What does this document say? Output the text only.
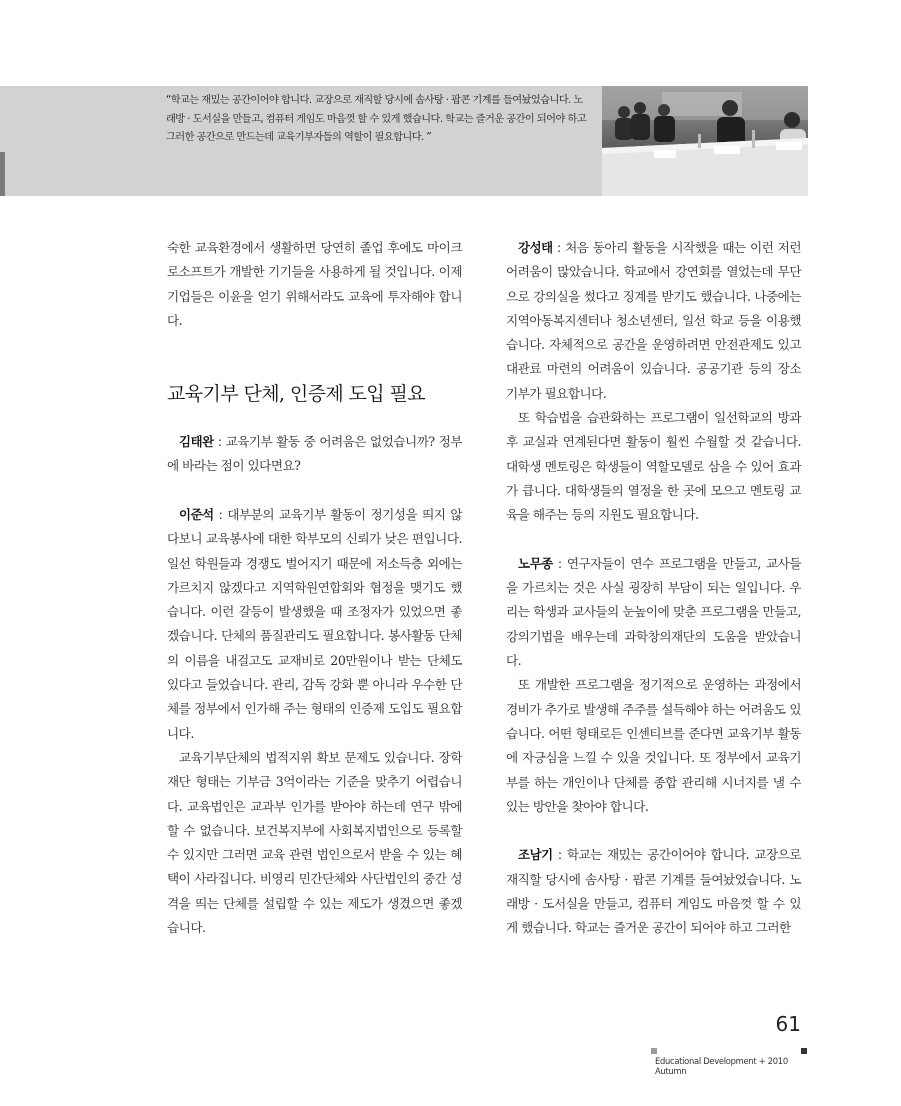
“학교는 재밌는 공간이어야 합니다. 교장으로 재직할 당시에 솜사탕 · 팝콘 기계를 들여놨었습니다. 노래방 · 도서실을 만들고, 컴퓨터 게임도 마음껏 할 수 있게 했습니다. 학교는 즐거운 공간이 되어야 하고 그러한 공간으로 만드는데 교육기부자들의 역할이 필요합니다. ”

숙한 교육환경에서 생활하면 당연히 졸업 후에도 마이크로소프트가 개발한 기기들을 사용하게 될 것입니다. 이제 기업들은 이윤을 얻기 위해서라도 교육에 투자해야 합니다.

교육기부 단체, 인증제 도입 필요

김태완 : 교육기부 활동 중 어려움은 없었습니까? 정부에 바라는 점이 있다면요?

이준석 : 대부분의 교육기부 활동이 정기성을 띄지 않다보니 교육봉사에 대한 학부모의 신뢰가 낮은 편입니다. 일선 학원들과 경쟁도 벌어지기 때문에 저소득층 외에는 가르치지 않겠다고 지역학원연합회와 협정을 맺기도 했습니다. 이런 갈등이 발생했을 때 조정자가 있었으면 좋겠습니다. 단체의 품질관리도 필요합니다. 봉사활동 단체의 이름을 내걸고도 교재비로 20만원이나 받는 단체도 있다고 들었습니다. 관리, 감독 강화 뿐 아니라 우수한 단체를 정부에서 인가해 주는 형태의 인증제 도입도 필요합니다.

교육기부단체의 법적지위 확보 문제도 있습니다. 장학재단 형태는 기부금 3억이라는 기준을 맞추기 어렵습니다. 교육법인은 교과부 인가를 받아야 하는데 연구 밖에 할 수 없습니다. 보건복지부에 사회복지법인으로 등록할 수 있지만 그러면 교육 관련 법인으로서 받을 수 있는 혜택이 사라집니다. 비영리 민간단체와 사단법인의 중간 성격을 띄는 단체를 설립할 수 있는 제도가 생겼으면 좋겠습니다.

강성태 : 처음 동아리 활동을 시작했을 때는 이런 저런 어려움이 많았습니다. 학교에서 강연회를 열었는데 무단으로 강의실을 썼다고 징계를 받기도 했습니다. 나중에는 지역아동복지센터나 청소년센터, 일선 학교 등을 이용했습니다. 자체적으로 공간을 운영하려면 안전관제도 있고 대관료 마련의 어려움이 있습니다. 공공기관 등의 장소 기부가 필요합니다.

또 학습법을 습관화하는 프로그램이 일선학교의 방과후 교실과 연계된다면 활동이 훨씬 수월할 것 같습니다. 대학생 멘토링은 학생들이 역할모델로 삼을 수 있어 효과가 큽니다. 대학생들의 열정을 한 곳에 모으고 멘토링 교육을 해주는 등의 지원도 필요합니다.

노무종 : 연구자들이 연수 프로그램을 만들고, 교사들을 가르치는 것은 사실 굉장히 부담이 되는 일입니다. 우리는 학생과 교사들의 눈높이에 맞춘 프로그램을 만들고, 강의기법을 배우는데 과학창의재단의 도움을 받았습니다.

또 개발한 프로그램을 정기적으로 운영하는 과정에서 경비가 추가로 발생해 주주를 설득해야 하는 어려움도 있습니다. 어떤 형태로든 인센티브를 준다면 교육기부 활동에 자긍심을 느낄 수 있을 것입니다. 또 정부에서 교육기부를 하는 개인이나 단체를 종합 관리해 시너지를 낼 수 있는 방안을 찾아야 합니다.

조남기 : 학교는 재밌는 공간이어야 합니다. 교장으로 재직할 당시에 솜사탕 · 팝콘 기계를 들여놨었습니다. 노래방 · 도서실을 만들고, 컴퓨터 게임도 마음껏 할 수 있게 했습니다. 학교는 즐거운 공간이 되어야 하고 그러한

61
Educational Development + 2010 Autumn
